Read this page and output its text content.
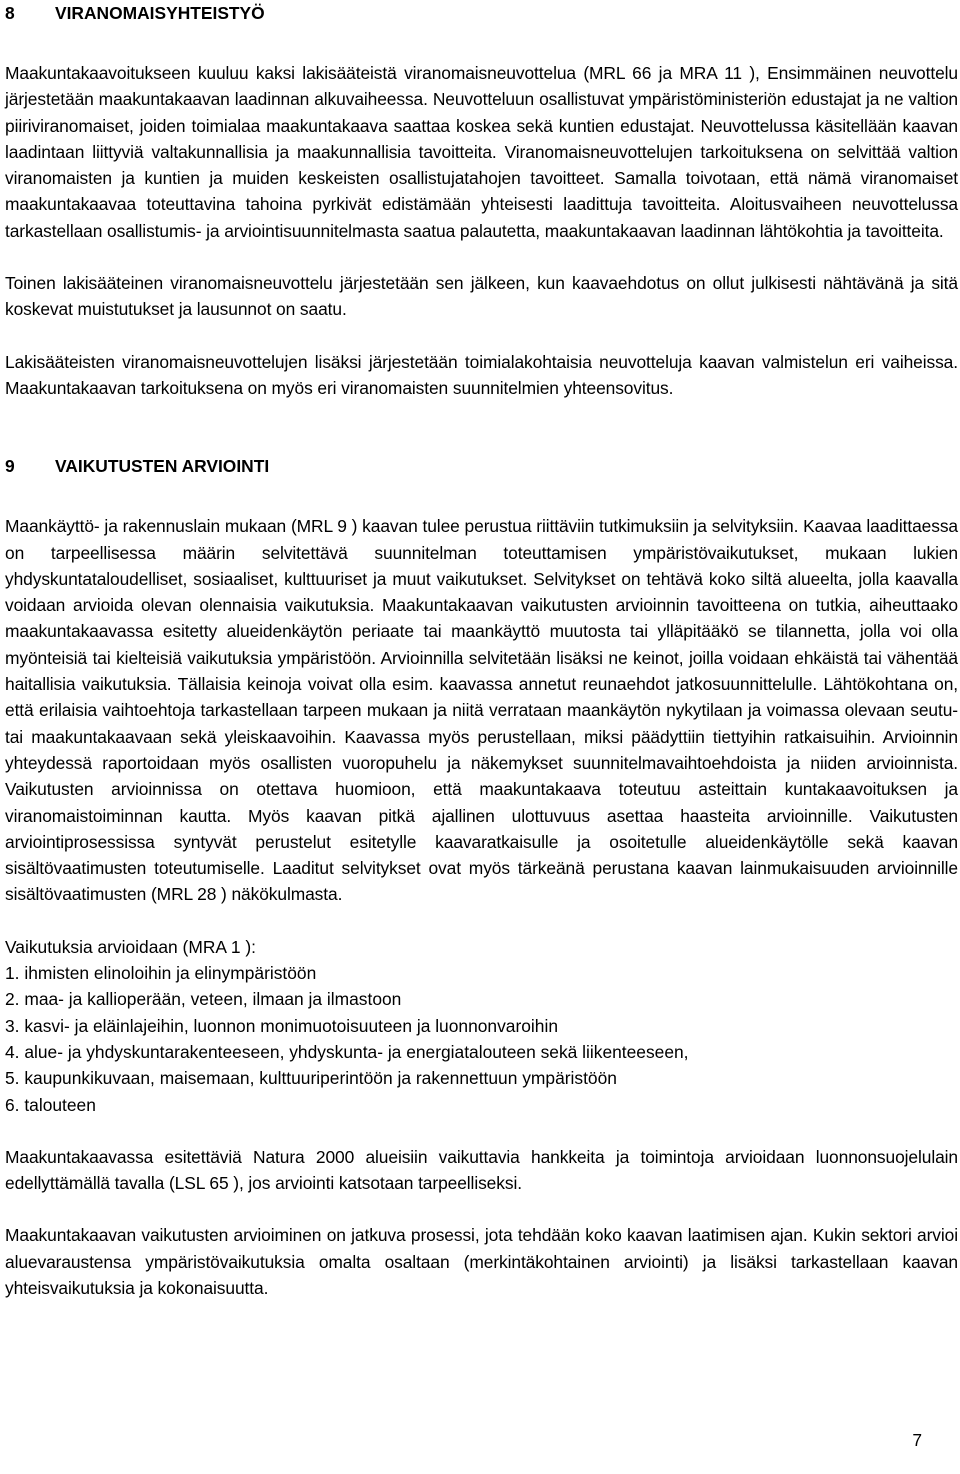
8	VIRANOMAISYHTEISTYÖ

Maakuntakaavoitukseen kuuluu kaksi lakisääteistä viranomaisneuvottelua (MRL 66 ja MRA 11 ), Ensimmäinen neuvottelu järjestetään maakuntakaavan laadinnan alkuvaiheessa. Neuvotteluun osallistuvat ympäristöministeriön edustajat ja ne valtion piiriviranomaiset, joiden toimialaa maakuntakaava saattaa koskea sekä kuntien edustajat. Neuvottelussa käsitellään kaavan laadintaan liittyviä valtakunnallisia ja maakunnallisia tavoitteita. Viranomaisneuvottelujen tarkoituksena on selvittää valtion viranomaisten ja kuntien ja muiden keskeisten osallistujatahojen tavoitteet. Samalla toivotaan, että nämä viranomaiset maakuntakaavaa toteuttavina tahoina pyrkivät edistämään yhteisesti laadittuja tavoitteita. Aloitusvaiheen neuvottelussa tarkastellaan osallistumis- ja arviointisuunnitelmasta saatua palautetta, maakuntakaavan laadinnan lähtökohtia ja tavoitteita.

Toinen lakisääteinen viranomaisneuvottelu järjestetään sen jälkeen, kun kaavaehdotus on ollut julkisesti nähtävänä ja sitä koskevat muistutukset ja lausunnot on saatu.

Lakisääteisten viranomaisneuvottelujen lisäksi järjestetään toimialakohtaisia neuvotteluja kaavan valmistelun eri vaiheissa. Maakuntakaavan tarkoituksena on myös eri viranomaisten suunnitelmien yhteensovitus.

9	VAIKUTUSTEN ARVIOINTI

Maankäyttö- ja rakennuslain mukaan (MRL 9 ) kaavan tulee perustua riittäviin tutkimuksiin ja selvityksiin. Kaavaa laadittaessa on tarpeellisessa määrin selvitettävä suunnitelman toteuttamisen ympäristövaikutukset, mukaan lukien yhdyskuntataloudelliset, sosiaaliset, kulttuuriset ja muut vaikutukset. Selvitykset on tehtävä koko siltä alueelta, jolla kaavalla voidaan arvioida olevan olennaisia vaikutuksia. Maakuntakaavan vaikutusten arvioinnin tavoitteena on tutkia, aiheuttaako maakuntakaavassa esitetty alueidenkäytön periaate tai maankäyttö muutosta tai ylläpitääkö se tilannetta, jolla voi olla myönteisiä tai kielteisiä vaikutuksia ympäristöön. Arvioinnilla selvitetään lisäksi ne keinot, joilla voidaan ehkäistä tai vähentää haitallisia vaikutuksia. Tällaisia keinoja voivat olla esim. kaavassa annetut reunaehdot jatkosuunnittelulle. Lähtökohtana on, että erilaisia vaihtoehtoja tarkastellaan tarpeen mukaan ja niitä verrataan maankäytön nykytilaan ja voimassa olevaan seutu- tai maakuntakaavaan sekä yleiskaavoihin. Kaavassa myös perustellaan, miksi päädyttiin tiettyihin ratkaisuihin. Arvioinnin yhteydessä raportoidaan myös osallisten vuoropuhelu ja näkemykset suunnitelmavaihtoehdoista ja niiden arvioinnista. Vaikutusten arvioinnissa on otettava huomioon, että maakuntakaava toteutuu asteittain kuntakaavoituksen ja viranomaistoiminnan kautta. Myös kaavan pitkä ajallinen ulottuvuus asettaa haasteita arvioinnille. Vaikutusten arviointiprosessissa syntyvät perustelut esitetylle kaavaratkaisulle ja osoitetulle alueidenkäytölle sekä kaavan sisältövaatimusten toteutumiselle. Laaditut selvitykset ovat myös tärkeänä perustana kaavan lainmukaisuuden arvioinnille sisältövaatimusten (MRL 28 ) näkökulmasta.

Vaikutuksia arvioidaan (MRA 1 ):

1. ihmisten elinoloihin ja elinympäristöön
2. maa- ja kallioperään, veteen, ilmaan ja ilmastoon
3. kasvi- ja eläinlajeihin, luonnon monimuotoisuuteen ja luonnonvaroihin
4. alue- ja yhdyskuntarakenteeseen, yhdyskunta- ja energiatalouteen sekä liikenteeseen,
5. kaupunkikuvaan, maisemaan, kulttuuriperintöön ja rakennettuun ympäristöön
6. talouteen

Maakuntakaavassa esitettäviä Natura 2000 alueisiin vaikuttavia hankkeita ja toimintoja arvioidaan luonnonsuojelulain edellyttämällä tavalla (LSL 65 ), jos arviointi katsotaan tarpeelliseksi.

Maakuntakaavan vaikutusten arvioiminen on jatkuva prosessi, jota tehdään koko kaavan laatimisen ajan. Kukin sektori arvioi aluevaraustensa ympäristövaikutuksia omalta osaltaan (merkintäkohtainen arviointi) ja lisäksi tarkastellaan kaavan yhteisvaikutuksia ja kokonaisuutta.

7
